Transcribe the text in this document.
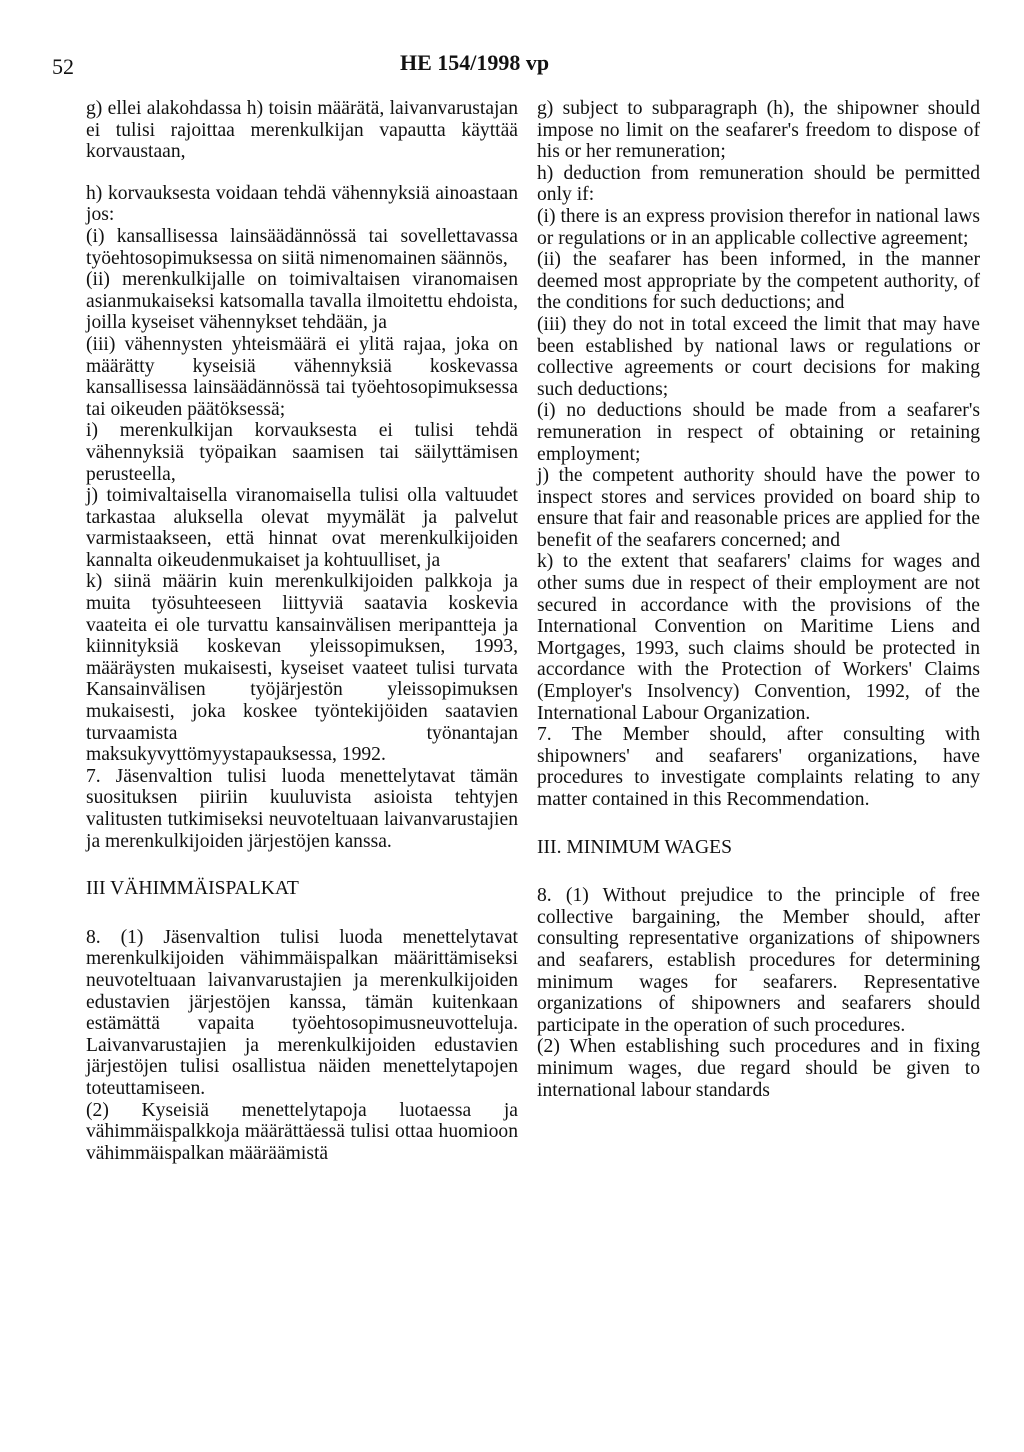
52	HE 154/1998 vp

g) ellei alakohdassa h) toisin määrätä, laivanvarustajan ei tulisi rajoittaa merenkulkijan vapautta käyttää korvaustaan,

h) korvauksesta voidaan tehdä vähennyksiä ainoastaan jos:

(i) kansallisessa lainsäädännössä tai sovellettavassa työehtosopimuksessa on siitä nimenomainen säännös,

(ii) merenkulkijalle on toimivaltaisen viranomaisen asianmukaiseksi katsomalla tavalla ilmoitettu ehdoista, joilla kyseiset vähennykset tehdään, ja

(iii) vähennysten yhteismäärä ei ylitä rajaa, joka on määrätty kyseisiä vähennyksiä koskevassa kansallisessa lainsäädännössä tai työehtosopimuksessa tai oikeuden päätöksessä;

i) merenkulkijan korvauksesta ei tulisi tehdä vähennyksiä työpaikan saamisen tai säilyttämisen perusteella,

j) toimivaltaisella viranomaisella tulisi olla valtuudet tarkastaa aluksella olevat myymälät ja palvelut varmistaakseen, että hinnat ovat merenkulkijoiden kannalta oikeudenmukaiset ja kohtuulliset, ja

k) siinä määrin kuin merenkulkijoiden palkkoja ja muita työsuhteeseen liittyviä saatavia koskevia vaateita ei ole turvattu kansainvälisen meripantteja ja kiinnityksiä koskevan yleissopimuksen, 1993, määräysten mukaisesti, kyseiset vaateet tulisi turvata Kansainvälisen työjärjestön yleissopimuksen mukaisesti, joka koskee työntekijöiden saatavien turvaamista työnantajan maksukyvyttömyystapauksessa, 1992.

7. Jäsenvaltion tulisi luoda menettelytavat tämän suosituksen piiriin kuuluvista asioista tehtyjen valitusten tutkimiseksi neuvoteltuaan laivanvarustajien ja merenkulkijoiden järjestöjen kanssa.

III VÄHIMMÄISPALKAT

8. (1) Jäsenvaltion tulisi luoda menettelytavat merenkulkijoiden vähimmäispalkan määrittämiseksi neuvoteltuaan laivanvarustajien ja merenkulkijoiden edustavien järjestöjen kanssa, tämän kuitenkaan estämättä vapaita työehtosopimusneuvotteluja. Laivanvarustajien ja merenkulkijoiden edustavien järjestöjen tulisi osallistua näiden menettelytapojen toteuttamiseen.

(2) Kyseisiä menettelytapoja luotaessa ja vähimmäispalkkoja määrättäessä tulisi ottaa huomioon vähimmäispalkan määräämistä

g) subject to subparagraph (h), the shipowner should impose no limit on the seafarer's freedom to dispose of his or her remuneration;

h) deduction from remuneration should be permitted only if:

(i) there is an express provision therefor in national laws or regulations or in an applicable collective agreement;

(ii) the seafarer has been informed, in the manner deemed most appropriate by the competent authority, of the conditions for such deductions; and

(iii) they do not in total exceed the limit that may have been established by national laws or regulations or collective agreements or court decisions for making such deductions;

(i) no deductions should be made from a seafarer's remuneration in respect of obtaining or retaining employment;

j) the competent authority should have the power to inspect stores and services provided on board ship to ensure that fair and reasonable prices are applied for the benefit of the seafarers concerned; and

k) to the extent that seafarers' claims for wages and other sums due in respect of their employment are not secured in accordance with the provisions of the International Convention on Maritime Liens and Mortgages, 1993, such claims should be protected in accordance with the Protection of Workers' Claims (Employer's Insolvency) Convention, 1992, of the International Labour Organization.

7. The Member should, after consulting with shipowners' and seafarers' organizations, have procedures to investigate complaints relating to any matter contained in this Recommendation.

III. MINIMUM WAGES

8. (1) Without prejudice to the principle of free collective bargaining, the Member should, after consulting representative organizations of shipowners and seafarers, establish procedures for determining minimum wages for seafarers. Representative organizations of shipowners and seafarers should participate in the operation of such procedures.

(2) When establishing such procedures and in fixing minimum wages, due regard should be given to international labour standards
